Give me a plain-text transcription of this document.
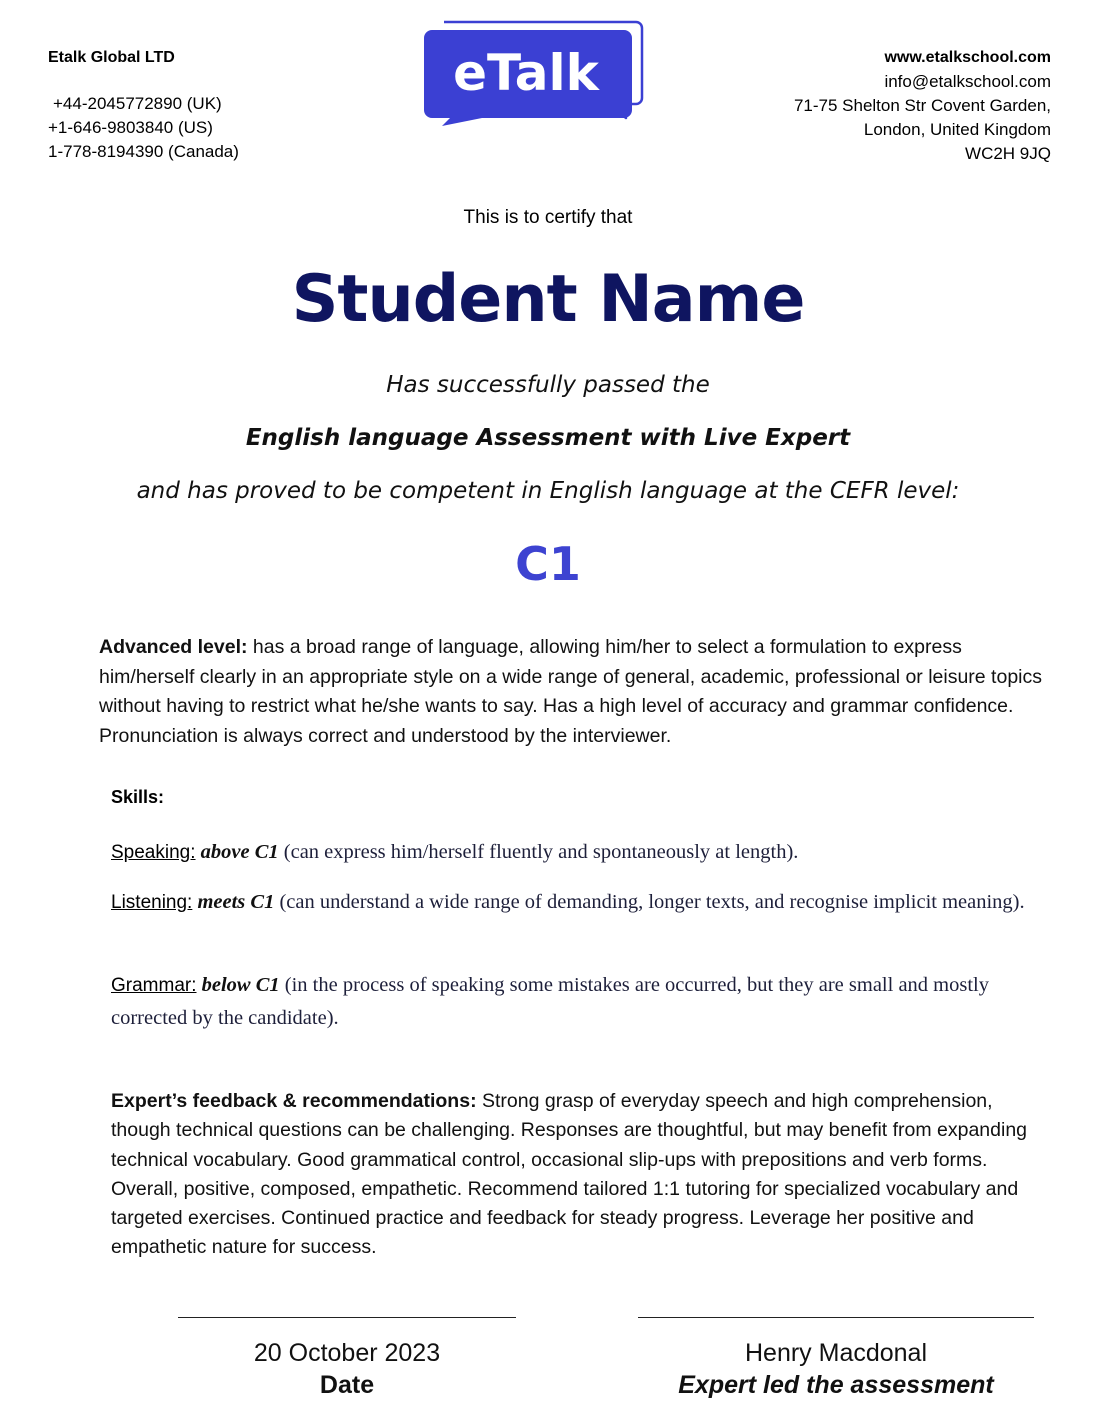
Etalk Global LTD
+44-2045772890 (UK)
+1-646-9803840 (US)
1-778-8194390 (Canada)
eTalk	www.etalkschool.com
info@etalkschool.com
71-75 Shelton Str Covent Garden,
London, United Kingdom
WC2H 9JQ
This is to certify that
Student Name
Has successfully passed the
English language Assessment with Live Expert
and has proved to be competent in English language at the CEFR level:
C1
Advanced level: has a broad range of language, allowing him/her to select a formulation to express him/herself clearly in an appropriate style on a wide range of general, academic, professional or leisure topics without having to restrict what he/she wants to say. Has a high level of accuracy and grammar confidence. Pronunciation is always correct and understood by the interviewer.
Skills:
Speaking: above C1 (can express him/herself fluently and spontaneously at length).
Listening: meets C1 (can understand a wide range of demanding, longer texts, and recognise implicit meaning).
Grammar: below C1 (in the process of speaking some mistakes are occurred, but they are small and mostly corrected by the candidate).
Expert’s feedback & recommendations: Strong grasp of everyday speech and high comprehension, though technical questions can be challenging. Responses are thoughtful, but may benefit from expanding technical vocabulary. Good grammatical control, occasional slip-ups with prepositions and verb forms. Overall, positive, composed, empathetic. Recommend tailored 1:1 tutoring for specialized vocabulary and targeted exercises. Continued practice and feedback for steady progress. Leverage her positive and empathetic nature for success.
20 October 2023
Date
Henry Macdonal
Expert led the assessment
